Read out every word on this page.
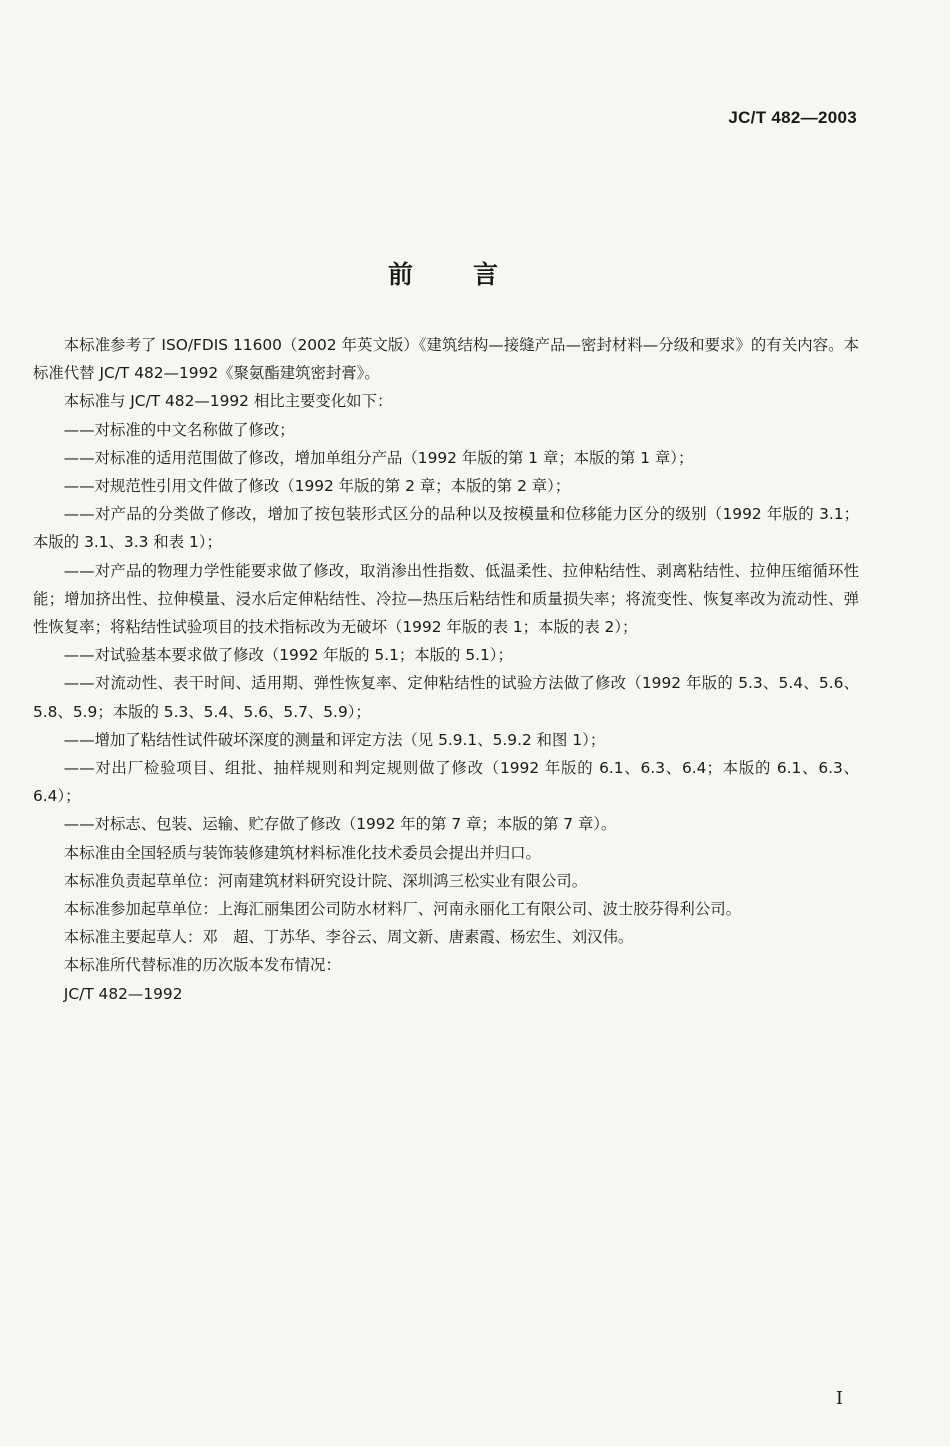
JC/T 482—2003
前言

本标准参考了 ISO/FDIS 11600（2002 年英文版）《建筑结构—接缝产品—密封材料—分级和要求》的有关内容。本标准代替 JC/T 482—1992《聚氨酯建筑密封膏》。

本标准与 JC/T 482—1992 相比主要变化如下：

——对标准的中文名称做了修改；

——对标准的适用范围做了修改，增加单组分产品（1992 年版的第 1 章；本版的第 1 章）；

——对规范性引用文件做了修改（1992 年版的第 2 章；本版的第 2 章）；

——对产品的分类做了修改，增加了按包装形式区分的品种以及按模量和位移能力区分的级别（1992 年版的 3.1；本版的 3.1、3.3 和表 1）；

——对产品的物理力学性能要求做了修改，取消渗出性指数、低温柔性、拉伸粘结性、剥离粘结性、拉伸压缩循环性能；增加挤出性、拉伸模量、浸水后定伸粘结性、冷拉—热压后粘结性和质量损失率；将流变性、恢复率改为流动性、弹性恢复率；将粘结性试验项目的技术指标改为无破坏（1992 年版的表 1；本版的表 2）；

——对试验基本要求做了修改（1992 年版的 5.1；本版的 5.1）；

——对流动性、表干时间、适用期、弹性恢复率、定伸粘结性的试验方法做了修改（1992 年版的 5.3、5.4、5.6、5.8、5.9；本版的 5.3、5.4、5.6、5.7、5.9）；

——增加了粘结性试件破坏深度的测量和评定方法（见 5.9.1、5.9.2 和图 1）；

——对出厂检验项目、组批、抽样规则和判定规则做了修改（1992 年版的 6.1、6.3、6.4；本版的 6.1、6.3、6.4）；

——对标志、包装、运输、贮存做了修改（1992 年的第 7 章；本版的第 7 章）。

本标准由全国轻质与装饰装修建筑材料标准化技术委员会提出并归口。

本标准负责起草单位：河南建筑材料研究设计院、深圳鸿三松实业有限公司。

本标准参加起草单位：上海汇丽集团公司防水材料厂、河南永丽化工有限公司、波士胶芬得利公司。

本标准主要起草人：邓　超、丁苏华、李谷云、周文新、唐素霞、杨宏生、刘汉伟。

本标准所代替标准的历次版本发布情况：

JC/T 482—1992

I
